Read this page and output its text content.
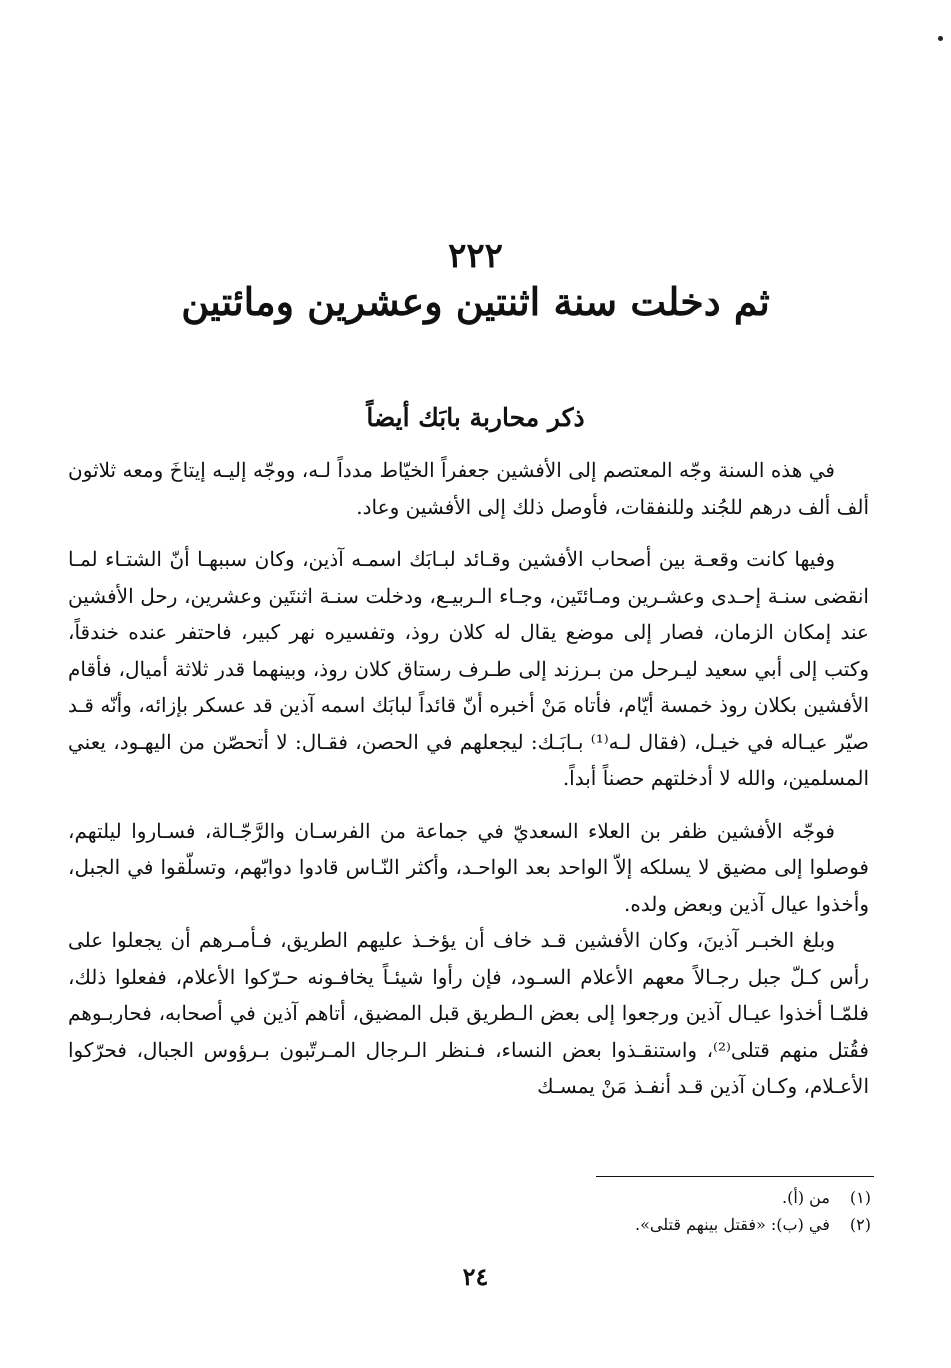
٢٢٢
ثم دخلت سنة اثنتين وعشرين ومائتين
ذكر محاربة بابَك أيضاً

في هذه السنة وجّه المعتصم إلى الأفشين جعفراً الخيّاط مدداً لـه، ووجّه إليـه إيتاخَ ومعه ثلاثون ألف ألف درهم للجُند وللنفقات، فأوصل ذلك إلى الأفشين وعاد.

وفيها كانت وقعـة بين أصحاب الأفشين وقـائد لبـابَك اسمـه آذين، وكان سببهـا أنّ الشتـاء لمـا انقضى سنـة إحـدى وعشـرين ومـائتَين، وجـاء الـربيـع، ودخلت سنـة اثنتَين وعشرين، رحل الأفشين عند إمكان الزمان، فصار إلى موضع يقال له كلان روذ، وتفسيره نهر كبير، فاحتفر عنده خندقاً، وكتب إلى أبي سعيد ليـرحل من بـرزند إلى طـرف رستاق كلان روذ، وبينهما قدر ثلاثة أميال، فأقام الأفشين بكلان روذ خمسة أيّام، فأتاه مَنْ أخبره أنّ قائداً لبابَك اسمه آذين قد عسكر بإزائه، وأنّه قـد صيّر عيـاله في خيـل، (فقال لـه⁽¹⁾ بـابَـك: ليجعلهم في الحصن، فقـال: لا أتحصّن من اليهـود، يعني المسلمين، والله لا أدخلتهم حصناً أبداً.

فوجّه الأفشين ظفر بن العلاء السعديّ في جماعة من الفرسـان والرَّجّـالة، فسـاروا ليلتهم، فوصلوا إلى مضيق لا يسلكه إلاّ الواحد بعد الواحـد، وأكثر النّـاس قادوا دوابّهم، وتسلّقوا في الجبل، وأخذوا عيال آذين وبعض ولده.

وبلغ الخبـر آذينَ، وكان الأفشين قـد خاف أن يؤخـذ عليهم الطريق، فـأمـرهم أن يجعلوا على رأس كـلّ جبل رجـالاً معهم الأعلام السـود، فإن رأوا شيئـاً يخافـونه حـرّكوا الأعلام، ففعلوا ذلك، فلمّـا أخذوا عيـال آذين ورجعوا إلى بعض الـطريق قبل المضيق، أتاهم آذين في أصحابه، فحاربـوهم فقُتل منهم قتلى⁽²⁾، واستنقـذوا بعض النساء، فـنظر الـرجال المـرتّبون بـرؤوس الجبال، فحرّكوا الأعـلام، وكـان آذين قـد أنفـذ مَنْ يمسـك

(١) من (أ).
(٢) في (ب): «فقتل بينهم قتلى».
٢٤
